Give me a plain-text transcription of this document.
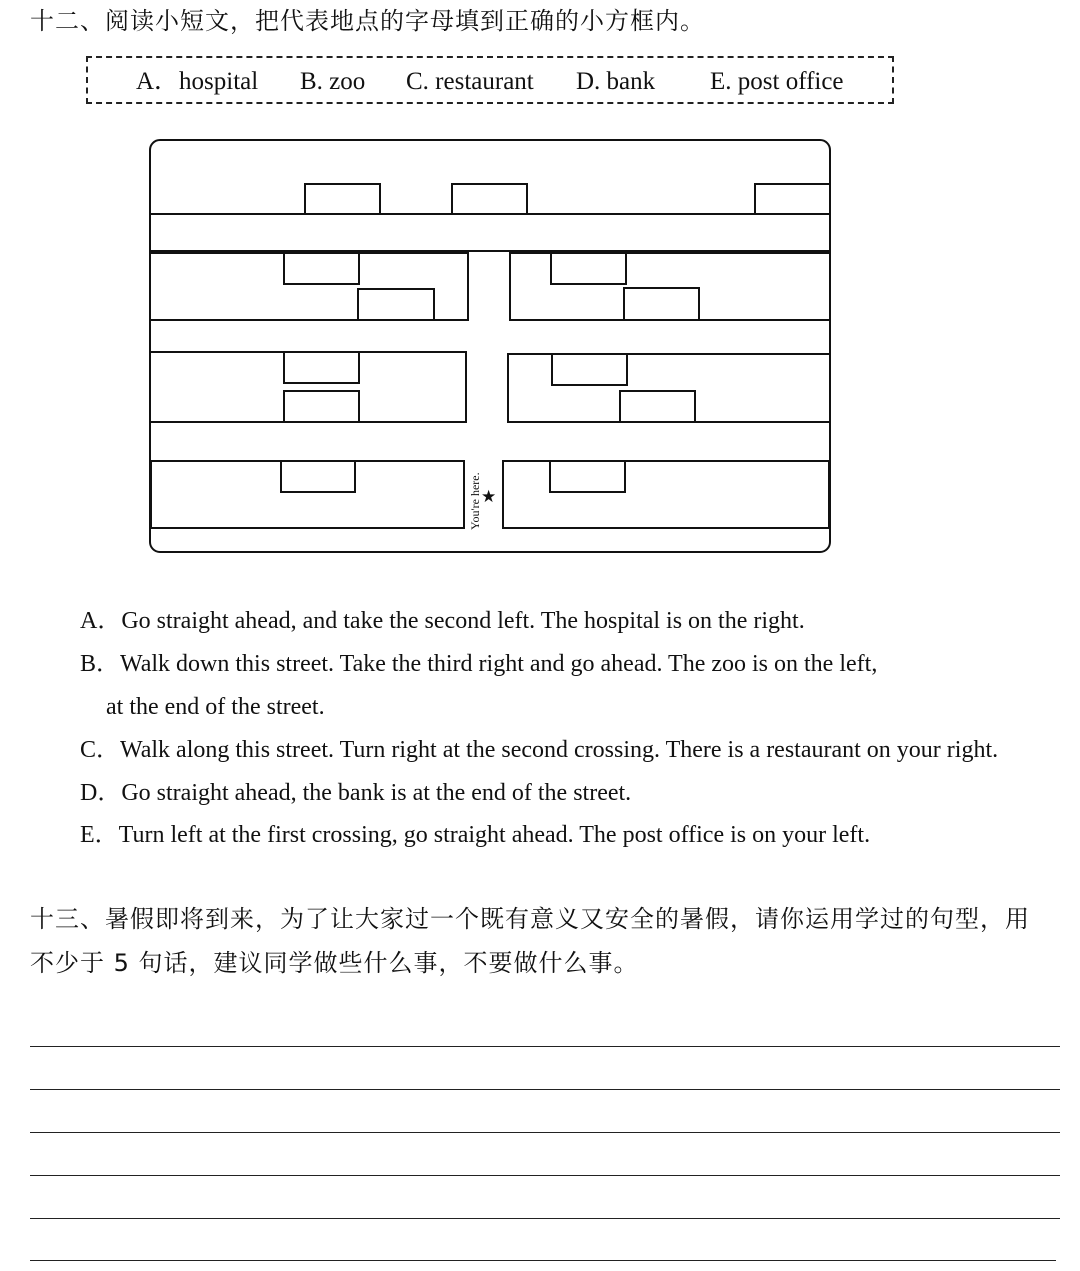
十二、阅读小短文，把代表地点的字母填到正确的小方框内。
A．hospital B. zoo C. restaurant D. bank E. post office
You're here. ★
A．Go straight ahead, and take the second left. The hospital is on the right.
B．Walk down this street. Take the third right and go ahead. The zoo is on the left,
at the end of the street.
C．Walk along this street. Turn right at the second crossing. There is a restaurant on your right.
D．Go straight ahead, the bank is at the end of the street.
E．Turn left at the first crossing, go straight ahead. The post office is on your left.
十三、暑假即将到来，为了让大家过一个既有意义又安全的暑假，请你运用学过的句型，用
不少于 5 句话，建议同学做些什么事，不要做什么事。
